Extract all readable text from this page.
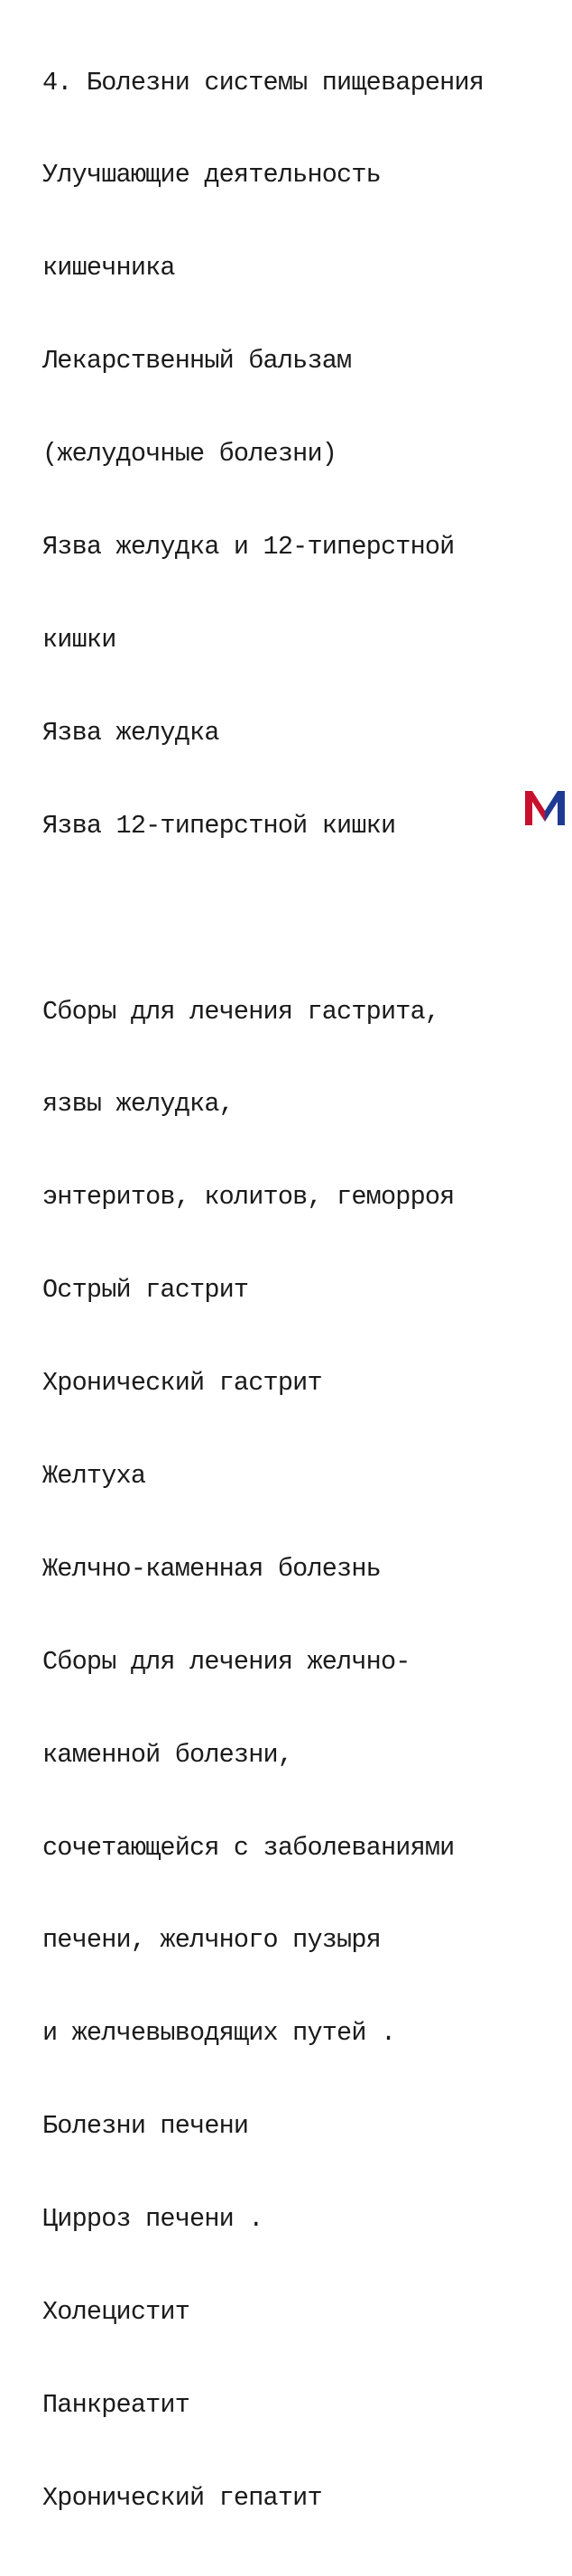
4. Болезни системы пищеварения

Улучшающие деятельность

кишечника

Лекарственный бальзам

(желудочные болезни)

Язва желудка и 12-типерстной

кишки

Язва желудка

Язва 12-типерстной кишки

Сборы для лечения гастрита,

язвы желудка,

энтеритов, колитов, геморроя

Острый гастрит

Хронический гастрит

Желтуха

Желчно-каменная болезнь

Сборы для лечения желчно-

каменной болезни,

сочетающейся с заболеваниями

печени, желчного пузыря

и желчевыводящих путей .

Болезни печени

Цирроз печени .

Холецистит

Панкреатит

Хронический гепатит
